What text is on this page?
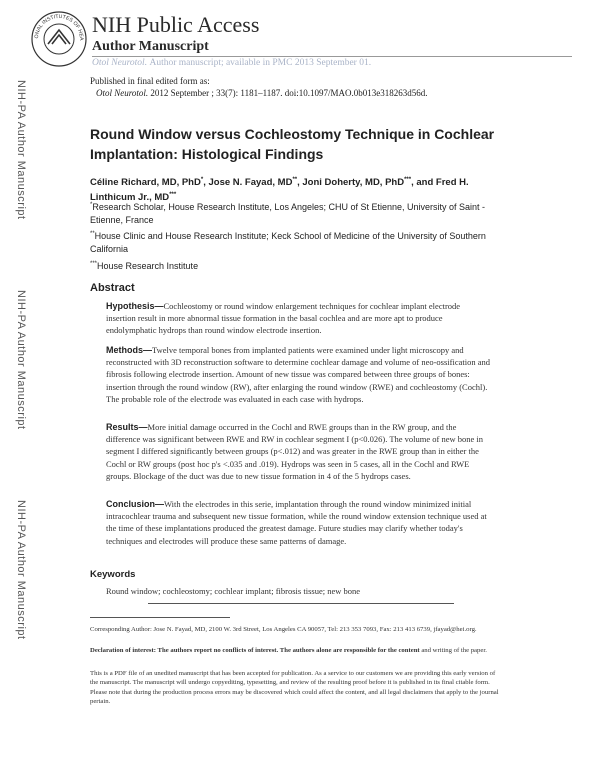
ONAL INSTITUTES OF HEA
NIH Public Access
Author Manuscript
Otol Neurotol. Author manuscript; available in PMC 2013 September 01.
Published in final edited form as:
Otol Neurotol. 2012 September ; 33(7): 1181–1187. doi:10.1097/MAO.0b013e318263d56d.
NIH-PA Author Manuscript
NIH-PA Author Manuscript
NIH-PA Author Manuscript
Round Window versus Cochleostomy Technique in Cochlear Implantation: Histological Findings
Céline Richard, MD, PhD*, Jose N. Fayad, MD**, Joni Doherty, MD, PhD***, and Fred H. Linthicum Jr., MD***
*Research Scholar, House Research Institute, Los Angeles; CHU of St Etienne, University of Saint -Etienne, France
**House Clinic and House Research Institute; Keck School of Medicine of the University of Southern California
***House Research Institute
Abstract
Hypothesis—Cochleostomy or round window enlargement techniques for cochlear implant electrode insertion result in more abnormal tissue formation in the basal cochlea and are more apt to produce endolymphatic hydrops than round window electrode insertion.
Methods—Twelve temporal bones from implanted patients were examined under light microscopy and reconstructed with 3D reconstruction software to determine cochlear damage and volume of neo-ossification and fibrosis following electrode insertion. Amount of new tissue was compared between three groups of bones: insertion through the round window (RW), after enlarging the round window (RWE) and cochleostomy (Cochl). The probable role of the electrode was evaluated in each case with hydrops.
Results—More initial damage occurred in the Cochl and RWE groups than in the RW group, and the difference was significant between RWE and RW in cochlear segment I (p<0.026). The volume of new bone in segment I differed significantly between groups (p<.012) and was greater in the RWE group than in either the Cochl or RW groups (post hoc p's <.035 and .019). Hydrops was seen in 5 cases, all in the Cochl and RWE groups. Blockage of the duct was due to new tissue formation in 4 of the 5 hydrops cases.
Conclusion—With the electrodes in this serie, implantation through the round window minimized initial intracochlear trauma and subsequent new tissue formation, while the round window extension technique used at the time of these implantations produced the greatest damage. Future studies may clarify whether today's techniques and electrodes will produce these same patterns of damage.
Keywords
Round window; cochleostomy; cochlear implant; fibrosis tissue; new bone
Corresponding Author: Jose N. Fayad, MD, 2100 W. 3rd Street, Los Angeles CA 90057, Tel: 213 353 7093, Fax: 213 413 6739, jfayad@hei.org.
Declaration of interest: The authors report no conflicts of interest. The authors alone are responsible for the content and writing of the paper.
This is a PDF file of an unedited manuscript that has been accepted for publication. As a service to our customers we are providing this early version of the manuscript. The manuscript will undergo copyediting, typesetting, and review of the resulting proof before it is published in its final citable form. Please note that during the production process errors may be discovered which could affect the content, and all legal disclaimers that apply to the journal pertain.
